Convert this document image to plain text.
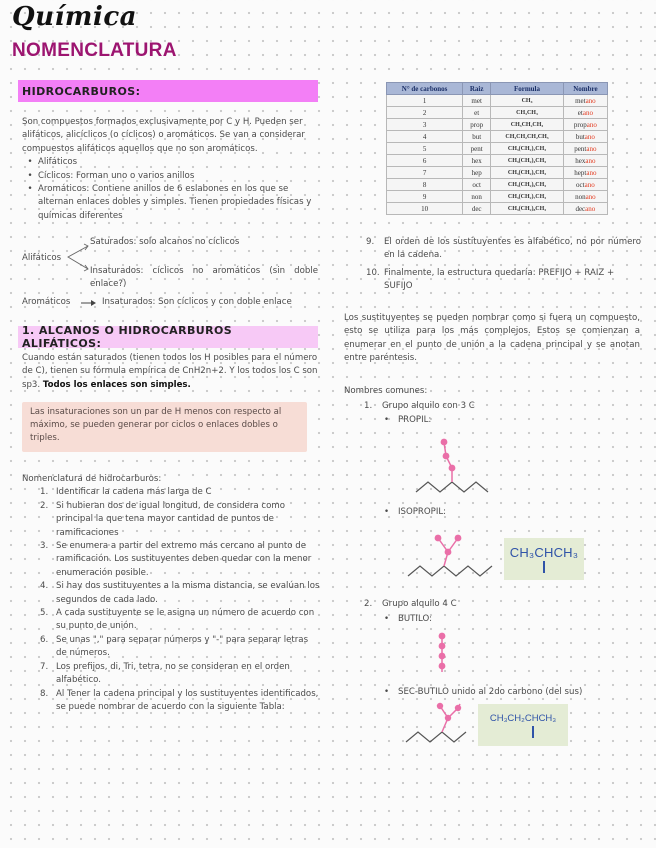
Química
NOMENCLATURA
HIDROCARBUROS:

Son compuestos formados exclusivamente por C y H. Pueden ser alifáticos, alicíclicos (o cíclicos) o aromáticos. Se van a considerar compuestos alifáticos aquellos que no son aromáticos.

• Alifáticos
• Cíclicos: Forman uno o varios anillos
• Aromáticos: Contiene anillos de 6 eslabones en los que se alternan enlaces dobles y simples. Tienen propiedades físicas y químicas diferentes
Alifáticos
Saturados: solo alcanos no cíclicos
Insaturados: cíclicos no aromáticos (sin doble enlace?)
Aromáticos	Insaturados: Son cíclicos y con doble enlace
1. ALCANOS O HIDROCARBUROS ALIFÁTICOS:
Cuando están saturados (tienen todos los H posibles para el número de C), tienen su fórmula empírica de CnH2n+2. Y los todos los C son sp3. Todos los enlaces son simples.
Las insaturaciones son un par de H menos con respecto al máximo, se pueden generar por ciclos o enlaces dobles o triples.

Nomenclatura de hidrocarburos:

1. Identificar la cadena más larga de C
2. Si hubieran dos de igual longitud, de considera como principal la que tena mayor cantidad de puntos de ramificaciones
3. Se enumera a partir del extremo más cercano al punto de ramificación. Los sustituyentes deben quedar con la menor enumeración posible.
4. Si hay dos sustituyentes a la misma distancia, se evalúan los segundos de cada lado.
5. A cada sustituyente se le asigna un número de acuerdo con su punto de unión.
6. Se unas "," para separar números y "-" para separar letras de números.
7. Los prefijos, di, Tri, tetra, no se consideran en el orden alfabético.
8. Al Tener la cadena principal y los sustituyentes identificados, se puede nombrar de acuerdo con la siguiente Tabla:
N° de carbonos	Raiz	Formula	Nombre
1	met	CH₄	metano
2	et	CH₃CH₃	etano
3	prop	CH₃CH₂CH₃	propano
4	but	CH₃CH₂CH₂CH₃	butano
5	pent	CH₃(CH₂)₃CH₃	pentano
6	hex	CH₃(CH₂)₄CH₃	hexano
7	hep	CH₃(CH₂)₅CH₃	heptano
8	oct	CH₃(CH₂)₆CH₃	octano
9	non	CH₃(CH₂)₇CH₃	nonano
10	dec	CH₃(CH₂)₈CH₃	decano
9.	El orden de los sustituyentes es alfabético, no por número en la cadena.
10. Finalmente, la estructura quedaría: PREFIJO + RAIZ + SUFIJO
Los sustituyentes se pueden nombrar como si fuera un compuesto, esto se utiliza para los más complejos. Estos se comienzan a enumerar en el punto de unión a la cadena principal y se anotan entre paréntesis.
Nombres comunes:
1. Grupo alquilo con 3 C
• PROPIL:
• ISOPROPIL:
CH₃CHCH₃
2. Grupo alquilo 4 C
• BUTILO:
• SEC-BUTILO unido al 2do carbono (del sus)
CH₃CH₂CHCH₃
